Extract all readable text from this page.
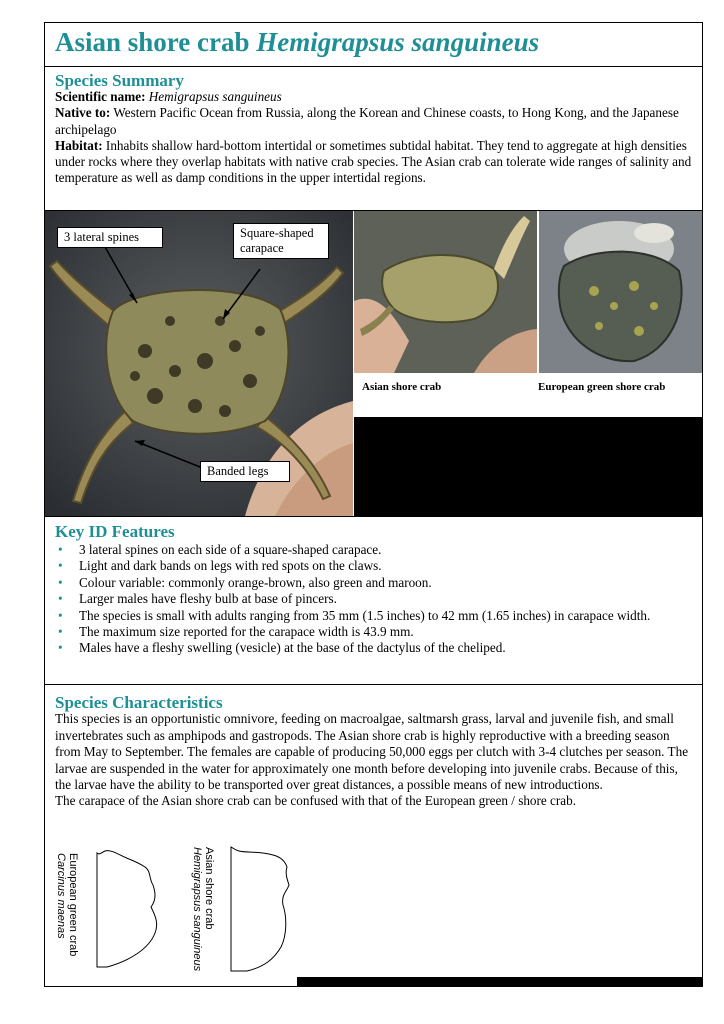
Asian shore crab Hemigrapsus sanguineus
Species Summary

Scientific name: Hemigrapsus sanguineus

Native to: Western Pacific Ocean from Russia, along the Korean and Chinese coasts, to Hong Kong, and the Japanese archipelago

Habitat: Inhabits shallow hard-bottom intertidal or sometimes subtidal habitat. They tend to aggregate at high densities under rocks where they overlap habitats with native crab species. The Asian crab can tolerate wide ranges of salinity and temperature as well as damp conditions in the upper intertidal regions.

3 lateral spines	Square-shaped carapace
Banded legs
Asian shore crab	European green shore crab
Key ID Features
• 3 lateral spines on each side of a square-shaped carapace.
• Light and dark bands on legs with red spots on the claws.
• Colour variable: commonly orange-brown, also green and maroon.
• Larger males have fleshy bulb at base of pincers.
• The species is small with adults ranging from 35 mm (1.5 inches) to 42 mm (1.65 inches) in carapace width.
• The maximum size reported for the carapace width is 43.9 mm.
• Males have a fleshy swelling (vesicle) at the base of the dactylus of the cheliped.
Species Characteristics

This species is an opportunistic omnivore, feeding on macroalgae, saltmarsh grass, larval and juvenile fish, and small invertebrates such as amphipods and gastropods. The Asian shore crab is highly reproductive with a breeding season from May to September. The females are capable of producing 50,000 eggs per clutch with 3-4 clutches per season. The larvae are suspended in the water for approximately one month before developing into juvenile crabs. Because of this, the larvae have the ability to be transported over great distances, a possible means of new introductions.

The carapace of the Asian shore crab can be confused with that of the European green / shore crab.

European green crab
Carcinus maenas	Asian shore crab
Hemigrapsus sanguineus
